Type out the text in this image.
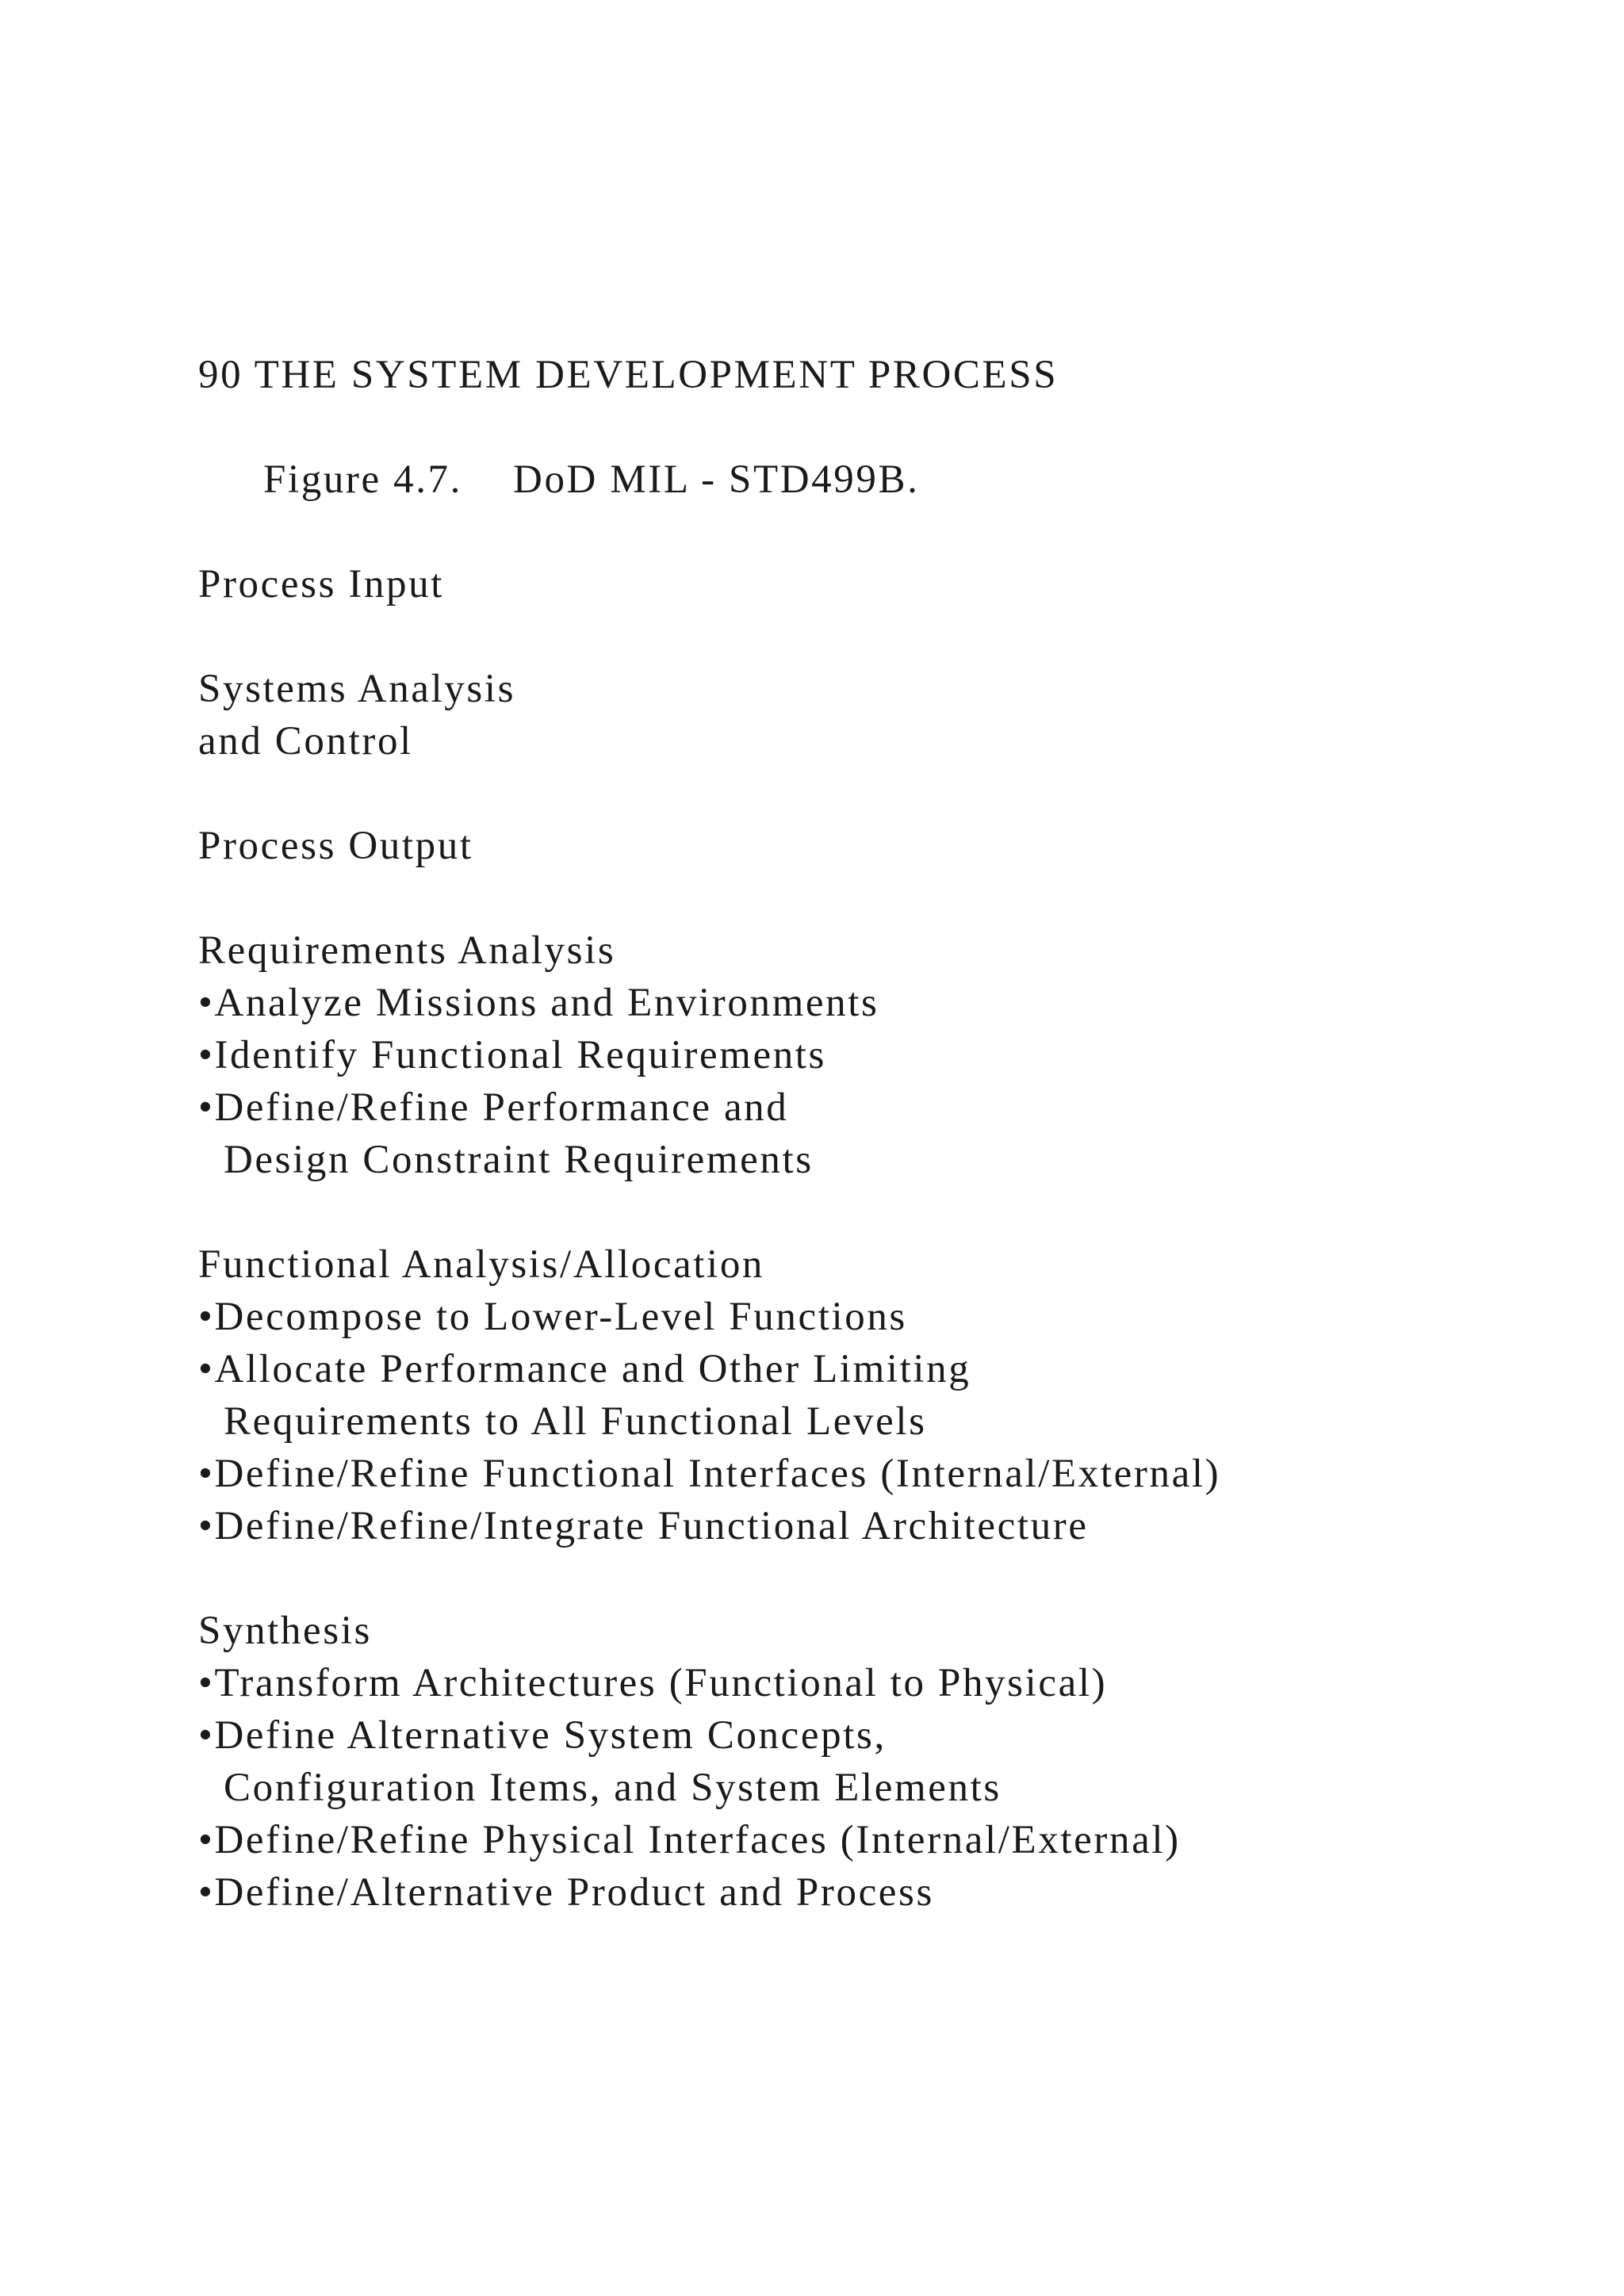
90 THE SYSTEM DEVELOPMENT PROCESS
Figure 4.7. DoD MIL - STD499B.
Process Input
Systems Analysis
and Control
Process Output
Requirements Analysis
•Analyze Missions and Environments
•Identify Functional Requirements
•Define/Refine Performance and
Design Constraint Requirements
Functional Analysis/Allocation
•Decompose to Lower-Level Functions
•Allocate Performance and Other Limiting
Requirements to All Functional Levels
•Define/Refine Functional Interfaces (Internal/External)
•Define/Refine/Integrate Functional Architecture
Synthesis
•Transform Architectures (Functional to Physical)
•Define Alternative System Concepts,
Configuration Items, and System Elements
•Define/Refine Physical Interfaces (Internal/External)
•Define/Alternative Product and Process
